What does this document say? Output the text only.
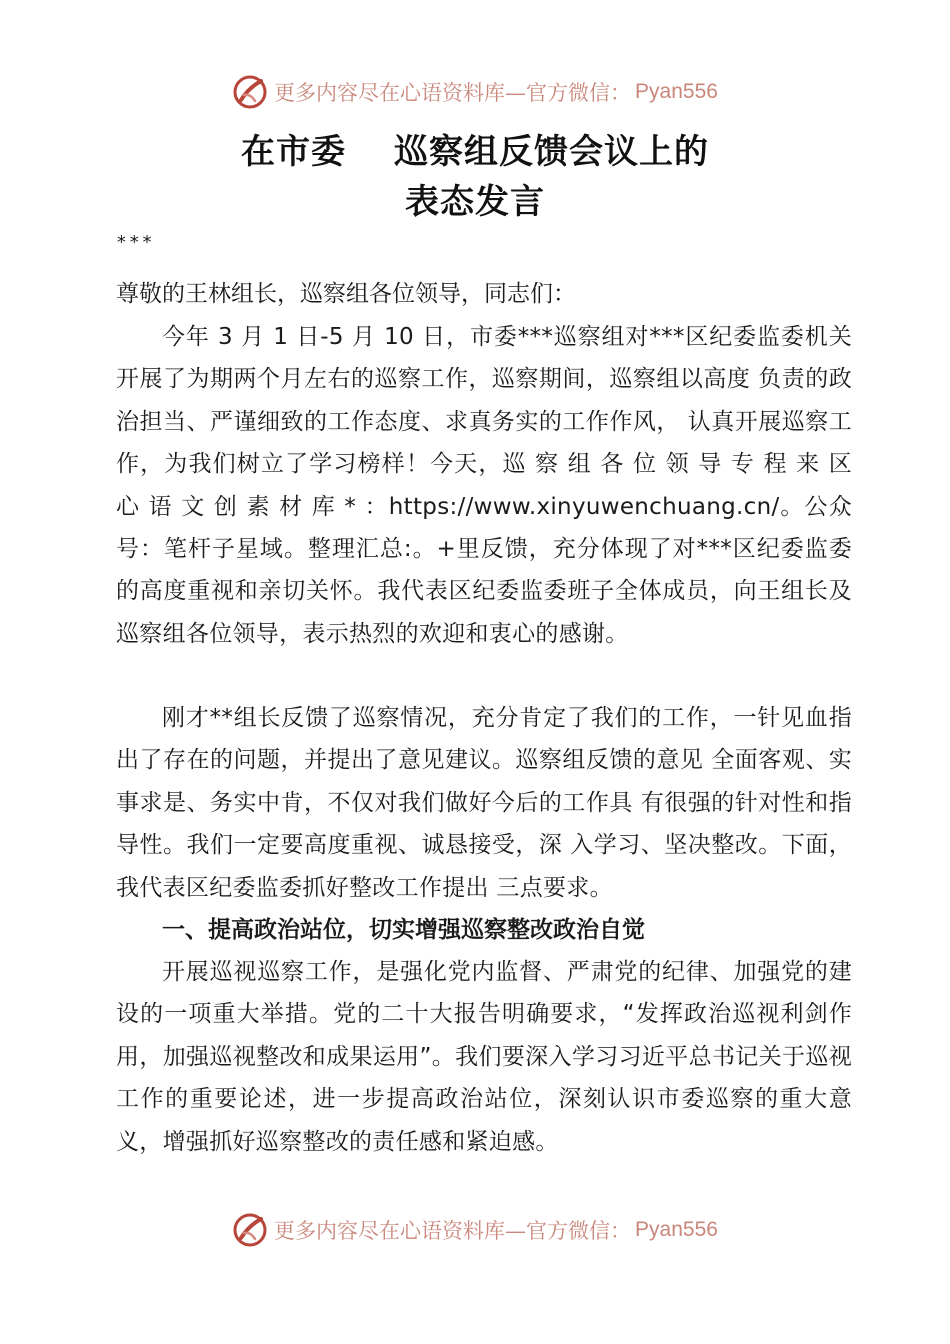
更多内容尽在心语资料库—官方微信： Pyan556
在市委 巡察组反馈会议上的
表态发言
***
尊敬的王林组长，巡察组各位领导，同志们：

今年 3 月 1 日-5 月 10 日，市委***巡察组对***区纪委监委机关开展了为期两个月左右的巡察工作，巡察期间，巡察组以高度 负责的政治担当、严谨细致的工作态度、求真务实的工作作风， 认真开展巡察工作，为我们树立了学习榜样！今天，巡 察 组 各 位 领 导 专 程 来 区 心 语 文 创 素 材 库 * ：https://www.xinyuwenchuang.cn/。公众号：笔杆子星域。整理汇总:。+里反馈，充分体现了对***区纪委监委的高度重视和亲切关怀。我代表区纪委监委班子全体成员，向王组长及巡察组各位领导，表示热烈的欢迎和衷心的感谢。

刚才**组长反馈了巡察情况，充分肯定了我们的工作，一针见血指出了存在的问题，并提出了意见建议。巡察组反馈的意见 全面客观、实事求是、务实中肯，不仅对我们做好今后的工作具 有很强的针对性和指导性。我们一定要高度重视、诚恳接受，深 入学习、坚决整改。下面，我代表区纪委监委抓好整改工作提出 三点要求。

一、提高政治站位，切实增强巡察整改政治自觉

开展巡视巡察工作，是强化党内监督、严肃党的纪律、加强党的建设的一项重大举措。党的二十大报告明确要求，“发挥政治巡视利剑作用，加强巡视整改和成果运用”。我们要深入学习习近平总书记关于巡视工作的重要论述，进一步提高政治站位，深刻认识市委巡察的重大意义，增强抓好巡察整改的责任感和紧迫感。

更多内容尽在心语资料库—官方微信： Pyan556
